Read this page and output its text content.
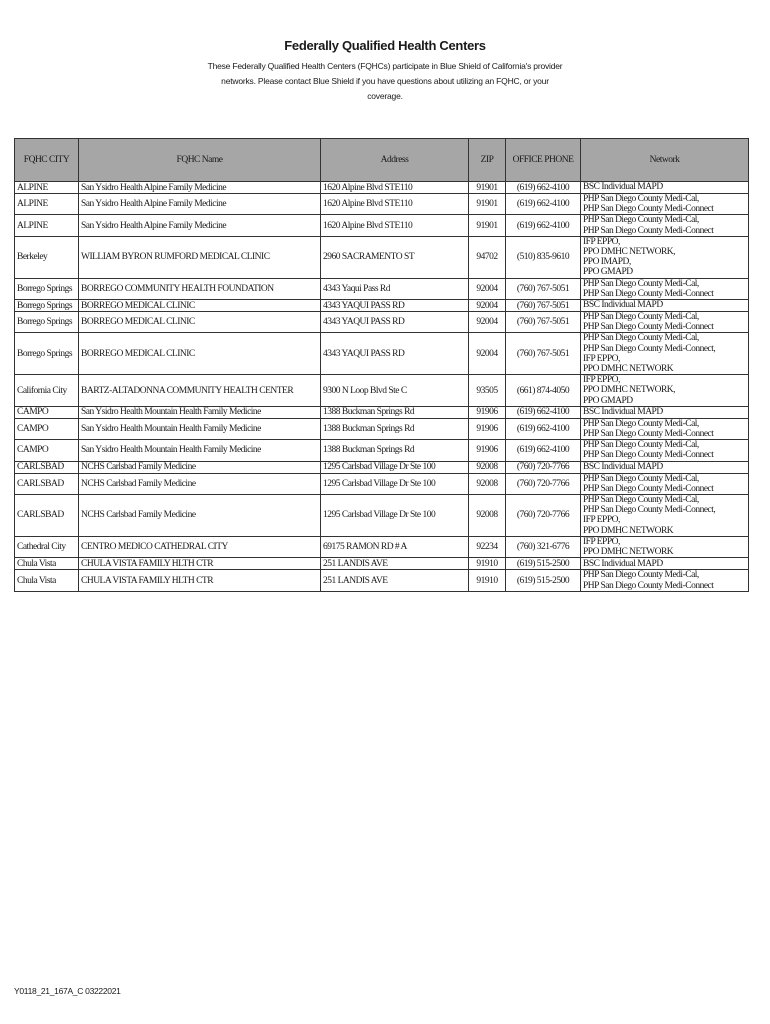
Federally Qualified Health Centers
These Federally Qualified Health Centers (FQHCs) participate in Blue Shield of California's provider networks. Please contact Blue Shield if you have questions about utilizing an FQHC, or your coverage.
FQHC CITY	FQHC Name	Address	ZIP	OFFICE PHONE	Network
ALPINE	San Ysidro Health Alpine Family Medicine	1620 Alpine Blvd STE110	91901	(619) 662-4100	BSC Individual MAPD

ALPINE	San Ysidro Health Alpine Family Medicine	1620 Alpine Blvd STE110	91901	(619) 662-4100	PHP San Diego County Medi-Cal,
PHP San Diego County Medi-Connect

ALPINE	San Ysidro Health Alpine Family Medicine	1620 Alpine Blvd STE110	91901	(619) 662-4100	PHP San Diego County Medi-Cal,
PHP San Diego County Medi-Connect

Berkeley	WILLIAM BYRON RUMFORD MEDICAL CLINIC	2960 SACRAMENTO ST	94702	(510) 835-9610	IFP EPPO,
PPO DMHC NETWORK,
PPO IMAPD,
PPO GMAPD

Borrego Springs	BORREGO COMMUNITY HEALTH FOUNDATION	4343 Yaqui Pass Rd	92004	(760) 767-5051	PHP San Diego County Medi-Cal,
PHP San Diego County Medi-Connect

Borrego Springs	BORREGO MEDICAL CLINIC	4343 YAQUI PASS RD	92004	(760) 767-5051	BSC Individual MAPD

Borrego Springs	BORREGO MEDICAL CLINIC	4343 YAQUI PASS RD	92004	(760) 767-5051	PHP San Diego County Medi-Cal,
PHP San Diego County Medi-Connect

Borrego Springs	BORREGO MEDICAL CLINIC	4343 YAQUI PASS RD	92004	(760) 767-5051	PHP San Diego County Medi-Cal,
PHP San Diego County Medi-Connect,
IFP EPPO,
PPO DMHC NETWORK

California City	BARTZ-ALTADONNA COMMUNITY HEALTH CENTER	9300 N Loop Blvd Ste C	93505	(661) 874-4050	IFP EPPO,
PPO DMHC NETWORK,
PPO GMAPD

CAMPO	San Ysidro Health Mountain Health Family Medicine	1388 Buckman Springs Rd	91906	(619) 662-4100	BSC Individual MAPD

CAMPO	San Ysidro Health Mountain Health Family Medicine	1388 Buckman Springs Rd	91906	(619) 662-4100	PHP San Diego County Medi-Cal,
PHP San Diego County Medi-Connect

CAMPO	San Ysidro Health Mountain Health Family Medicine	1388 Buckman Springs Rd	91906	(619) 662-4100	PHP San Diego County Medi-Cal,
PHP San Diego County Medi-Connect

CARLSBAD	NCHS Carlsbad Family Medicine	1295 Carlsbad Village Dr Ste 100	92008	(760) 720-7766	BSC Individual MAPD

CARLSBAD	NCHS Carlsbad Family Medicine	1295 Carlsbad Village Dr Ste 100	92008	(760) 720-7766	PHP San Diego County Medi-Cal,
PHP San Diego County Medi-Connect

CARLSBAD	NCHS Carlsbad Family Medicine	1295 Carlsbad Village Dr Ste 100	92008	(760) 720-7766	PHP San Diego County Medi-Cal,
PHP San Diego County Medi-Connect,
IFP EPPO,
PPO DMHC NETWORK

Cathedral City	CENTRO MEDICO CATHEDRAL CITY	69175 RAMON RD # A	92234	(760) 321-6776	IFP EPPO,
PPO DMHC NETWORK

Chula Vista	CHULA VISTA FAMILY HLTH CTR	251 LANDIS AVE	91910	(619) 515-2500	BSC Individual MAPD

Chula Vista	CHULA VISTA FAMILY HLTH CTR	251 LANDIS AVE	91910	(619) 515-2500	PHP San Diego County Medi-Cal,
PHP San Diego County Medi-Connect
Y0118_21_167A_C 03222021
